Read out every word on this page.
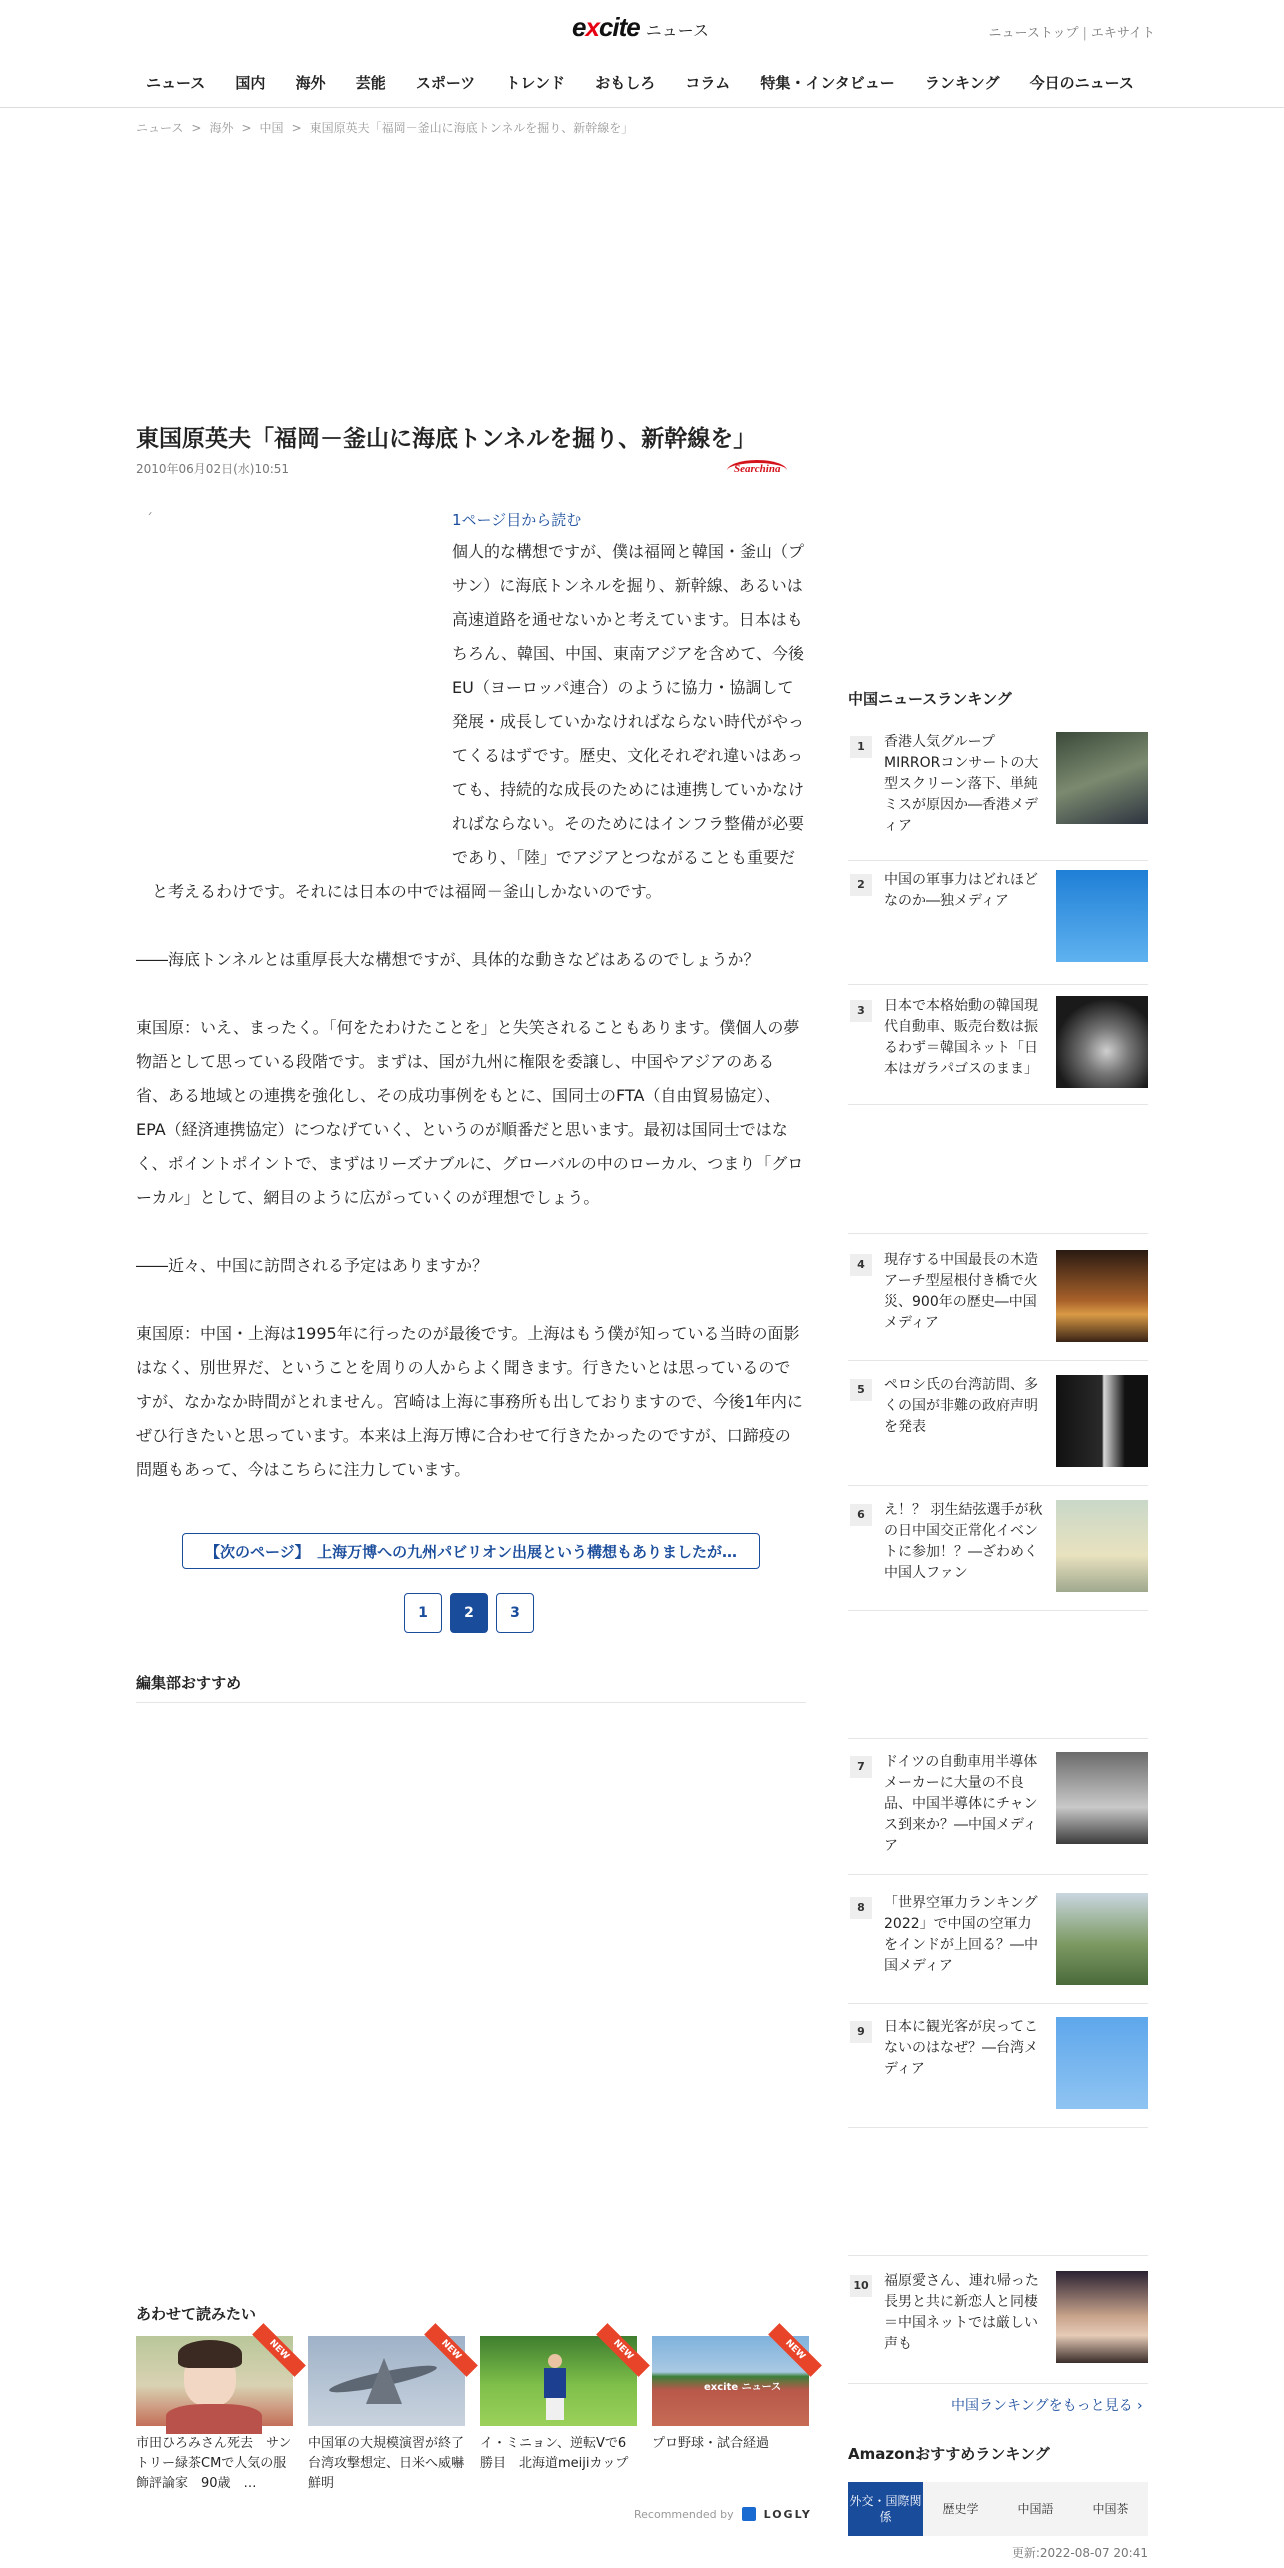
excite ニュース	ニューストップ | エキサイト
ニュース	国内	海外	芸能	スポーツ	トレンド	おもしろ	コラム	特集・インタビュー	ランキング	今日のニュース
ニュース > 海外 > 中国 > 東国原英夫「福岡－釜山に海底トンネルを掘り、新幹線を」
東国原英夫「福岡－釜山に海底トンネルを掘り、新幹線を」
2010年06月02日(水)10:51	Searchina
ˊ	1ページ目から読む

個人的な構想ですが、僕は福岡と韓国・釜山（プサン）に海底トンネルを掘り、新幹線、あるいは高速道路を通せないかと考えています。日本はもちろん、韓国、中国、東南アジアを含めて、今後EU（ヨーロッパ連合）のように協力・協調して発展・成長していかなければならない時代がやってくるはずです。歴史、文化それぞれ違いはあっても、持続的な成長のためには連携していかなければならない。そのためにはインフラ整備が必要であり、「陸」でアジアとつながることも重要だと考えるわけです。それには日本の中では福岡－釜山しかないのです。

――海底トンネルとは重厚長大な構想ですが、具体的な動きなどはあるのでしょうか？

東国原：いえ、まったく。「何をたわけたことを」と失笑されることもあります。僕個人の夢物語として思っている段階です。まずは、国が九州に権限を委譲し、中国やアジアのある省、ある地域との連携を強化し、その成功事例をもとに、国同士のFTA（自由貿易協定）、EPA（経済連携協定）につなげていく、というのが順番だと思います。最初は国同士ではなく、ポイントポイントで、まずはリーズナブルに、グローバルの中のローカル、つまり「グローカル」として、網目のように広がっていくのが理想でしょう。

――近々、中国に訪問される予定はありますか？

東国原：中国・上海は1995年に行ったのが最後です。上海はもう僕が知っている当時の面影はなく、別世界だ、ということを周りの人からよく聞きます。行きたいとは思っているのですが、なかなか時間がとれません。宮崎は上海に事務所も出しておりますので、今後1年内にぜひ行きたいと思っています。本来は上海万博に合わせて行きたかったのですが、口蹄疫の問題もあって、今はこちらに注力しています。

【次のページ】　上海万博への九州パビリオン出展という構想もありましたが…
1	2	3
編集部おすすめ
あわせて読みたい
NEW
市田ひろみさん死去　サントリー緑茶CMで人気の服飾評論家　90歳　…
NEW
中国軍の大規模演習が終了　台湾攻撃想定、日米へ威嚇鮮明
NEW
イ・ミニョン、逆転Vで6勝目　北海道meijiカップ
excite ニュース
NEW
プロ野球・試合経過
Recommended by	LOGLY
中国ニュースランキング
1	香港人気グループMIRRORコンサートの大型スクリーン落下、単純ミスが原因か―香港メディア
2	中国の軍事力はどれほどなのか―独メディア
3	日本で本格始動の韓国現代自動車、販売台数は振るわず＝韓国ネット「日本はガラパゴスのまま」
4	現存する中国最長の木造アーチ型屋根付き橋で火災、900年の歴史―中国メディア
5	ペロシ氏の台湾訪問、多くの国が非難の政府声明を発表
6	え！？ 羽生結弦選手が秋の日中国交正常化イベントに参加！？―ざわめく中国人ファン
7	ドイツの自動車用半導体メーカーに大量の不良品、中国半導体にチャンス到来か？―中国メディア
8	「世界空軍力ランキング2022」で中国の空軍力をインドが上回る？―中国メディア
9	日本に観光客が戻ってこないのはなぜ？―台湾メディア
10 福原愛さん、連れ帰った長男と共に新恋人と同棲＝中国ネットでは厳しい声も
中国ランキングをもっと見る ›
Amazonおすすめランキング
外交・国際関係
歴史学	中国語	中国茶
更新:2022-08-07 20:41
